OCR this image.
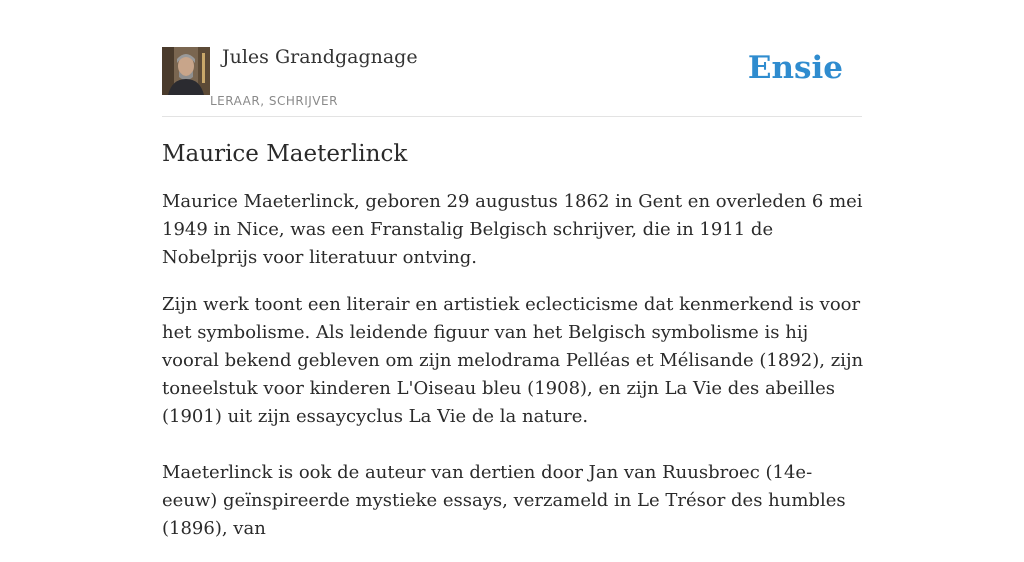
Jules Grandgagnage
LERAAR, SCHRIJVER
Ensie
Maurice Maeterlinck

Maurice Maeterlinck, geboren 29 augustus 1862 in Gent en overleden 6 mei 1949 in Nice, was een Franstalig Belgisch schrijver, die in 1911 de Nobelprijs voor literatuur ontving.

Zijn werk toont een literair en artistiek eclecticisme dat kenmerkend is voor het symbolisme. Als leidende figuur van het Belgisch symbolisme is hij vooral bekend gebleven om zijn melodrama Pelléas et Mélisande (1892), zijn toneelstuk voor kinderen L'Oiseau bleu (1908), en zijn La Vie des abeilles (1901) uit zijn essaycyclus La Vie de la nature.

Maeterlinck is ook de auteur van dertien door Jan van Ruusbroec (14e-eeuw) geïnspireerde mystieke essays, verzameld in Le Trésor des humbles (1896), van
